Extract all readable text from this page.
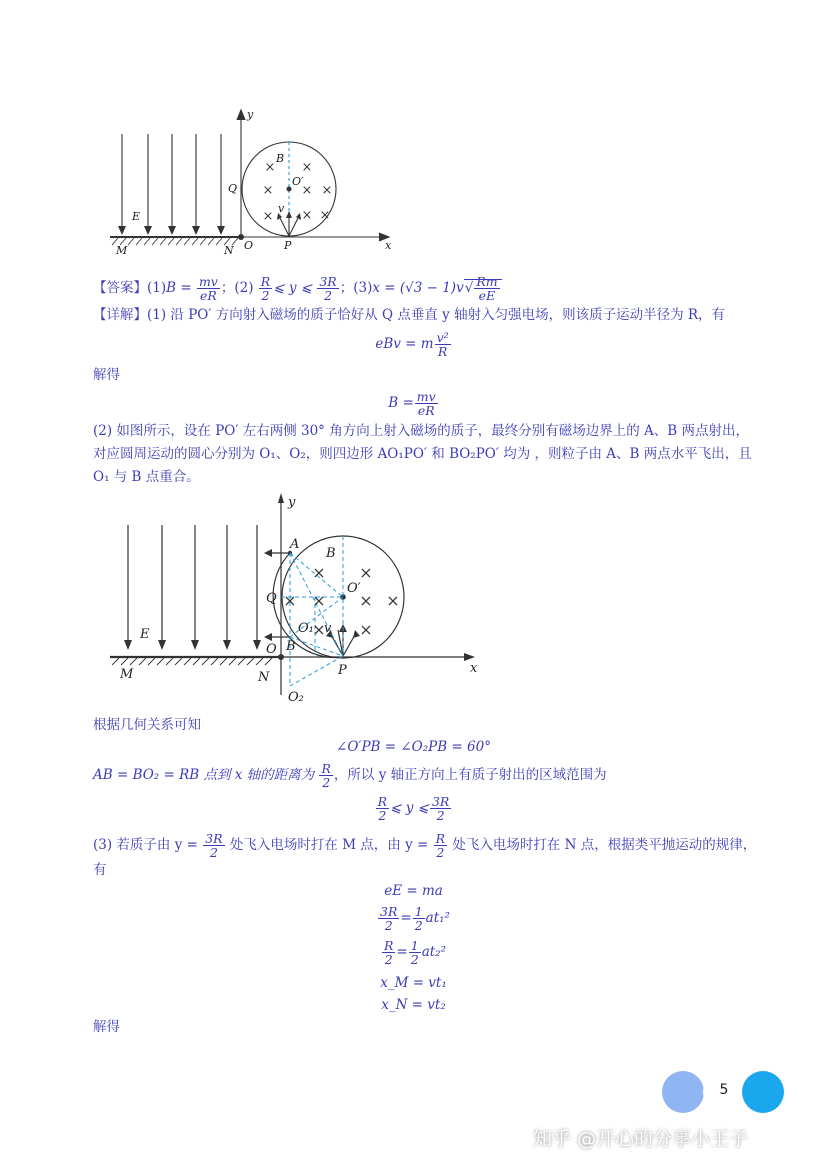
× ×
.
× × ×
× × ×
y
x
B
Q
O′
E
v
M	N O	P
【答案】$(1)B = \frac{mv}{eR}$ ；$(2) \frac{R}{2}$ ⩽ y ⩽ $\frac{3R}{2}$ ；$(3)x = (√3 - 1)v√ \frac{Rm}{eE}$
【详解】(1) 沿 PO′ 方向射入磁场的质子恰好从 Q 点垂直 y 轴射入匀强电场，则该质子运动半径为 R，有
eBv = m $\frac{\text{v²}}{R}$
解得
$B = \frac{mv}{eR}$
(2) 如图所示，设在 PO′ 左右两侧 30° 角方向上射入磁场的质子，最终分别有磁场边界上的 A、B 两点射出，
对应圆周运动的圆心分别为 O₁、O₂，则四边形 AO₁PO′ 和 BO₂PO′ 均为 ，则粒子由 A、B 两点水平飞出，且
O₁ 与 B 点重合。
× ×
× × × ×
× ×
y
x
A
B
Q
O′
E	O₁ v
B
O
M	N	P
O₂
根据几何关系可知
∠O′PB = ∠O₂PB = 60°
AB = BO₂ = RB 点到 x 轴的距离为 $\frac{R}{2}$ ，所以 y 轴正方向上有质子射出的区域范围为
$\frac{R}{2}$ ⩽ y ⩽ $\frac{3R}{2}$
(3) 若质子由 $y = \frac{3R}{2}$ 处飞入电场时打在 M 点，由 $y = \frac{R}{2}$ 处飞入电场时打在 N 点，根据类平抛运动的规律，
有
eE = ma
$\frac{3R}{2} = \frac{1}{2} at_1^2$
$\frac{R}{2} = \frac{1}{2} at_2^2$
x_M = vt₁
x_N = vt₂
解得
5
知乎 @开心的分享小王子
